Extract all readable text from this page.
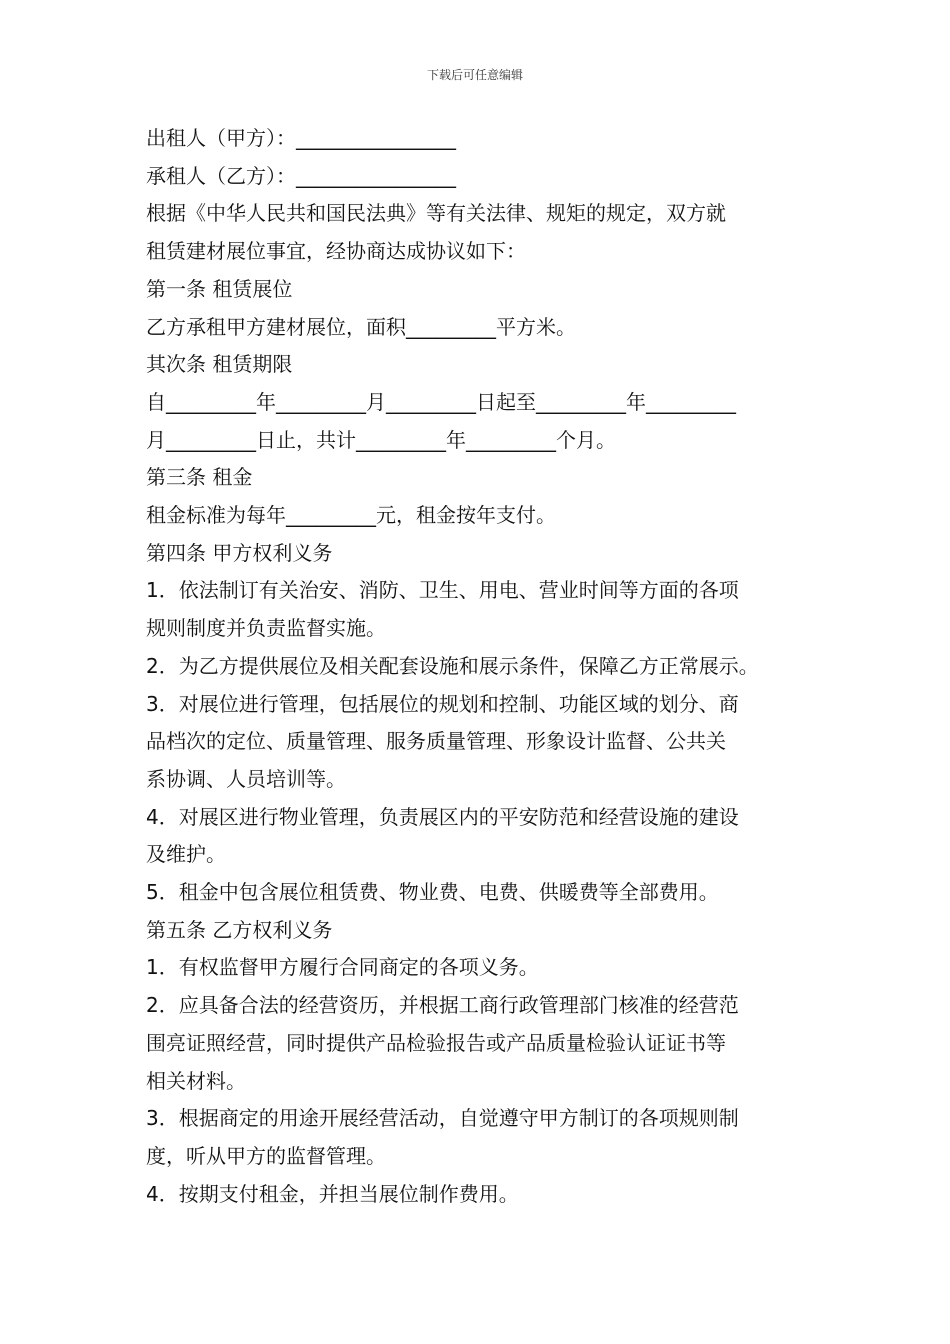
下载后可任意编辑
出租人（甲方）：________________
承租人（乙方）：________________
根据《中华人民共和国民法典》等有关法律、规矩的规定，双方就
租赁建材展位事宜，经协商达成协议如下：
第一条 租赁展位
乙方承租甲方建材展位，面积_________平方米。
其次条 租赁期限
自_________年_________月_________日起至_________年_________
月_________日止，共计_________年_________个月。
第三条 租金
租金标准为每年_________元，租金按年支付。
第四条 甲方权利义务
1．依法制订有关治安、消防、卫生、用电、营业时间等方面的各项
规则制度并负责监督实施。
2．为乙方提供展位及相关配套设施和展示条件，保障乙方正常展示。
3．对展位进行管理，包括展位的规划和控制、功能区域的划分、商
品档次的定位、质量管理、服务质量管理、形象设计监督、公共关
系协调、人员培训等。
4．对展区进行物业管理，负责展区内的平安防范和经营设施的建设
及维护。
5．租金中包含展位租赁费、物业费、电费、供暖费等全部费用。
第五条 乙方权利义务
1．有权监督甲方履行合同商定的各项义务。
2．应具备合法的经营资历，并根据工商行政管理部门核准的经营范
围亮证照经营，同时提供产品检验报告或产品质量检验认证证书等
相关材料。
3．根据商定的用途开展经营活动，自觉遵守甲方制订的各项规则制
度，听从甲方的监督管理。
4．按期支付租金，并担当展位制作费用。
